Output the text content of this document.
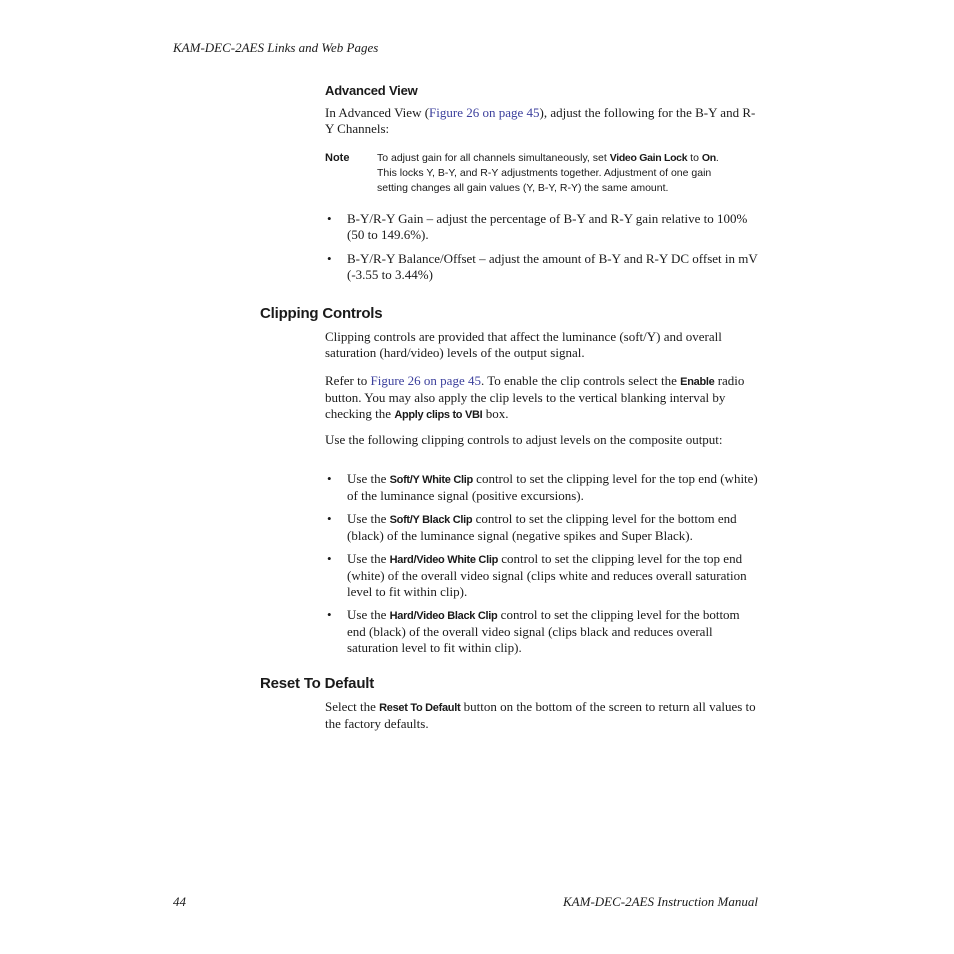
KAM-DEC-2AES Links and Web Pages
Advanced View
In Advanced View (Figure 26 on page 45), adjust the following for the B-Y and R-Y Channels:
Note	To adjust gain for all channels simultaneously, set Video Gain Lock to On. This locks Y, B-Y, and R-Y adjustments together. Adjustment of one gain setting changes all gain values (Y, B-Y, R-Y) the same amount.
• B-Y/R-Y Gain – adjust the percentage of B-Y and R-Y gain relative to 100% (50 to 149.6%).
• B-Y/R-Y Balance/Offset – adjust the amount of B-Y and R-Y DC offset in mV (-3.55 to 3.44%)
Clipping Controls
Clipping controls are provided that affect the luminance (soft/Y) and overall saturation (hard/video) levels of the output signal.
Refer to Figure 26 on page 45. To enable the clip controls select the Enable radio button. You may also apply the clip levels to the vertical blanking interval by checking the Apply clips to VBI box.
Use the following clipping controls to adjust levels on the composite output:
• Use the Soft/Y White Clip control to set the clipping level for the top end (white) of the luminance signal (positive excursions).
• Use the Soft/Y Black Clip control to set the clipping level for the bottom end (black) of the luminance signal (negative spikes and Super Black).
• Use the Hard/Video White Clip control to set the clipping level for the top end (white) of the overall video signal (clips white and reduces overall saturation level to fit within clip).
• Use the Hard/Video Black Clip control to set the clipping level for the bottom end (black) of the overall video signal (clips black and reduces overall saturation level to fit within clip).
Reset To Default
Select the Reset To Default button on the bottom of the screen to return all values to the factory defaults.
44	KAM-DEC-2AES Instruction Manual
